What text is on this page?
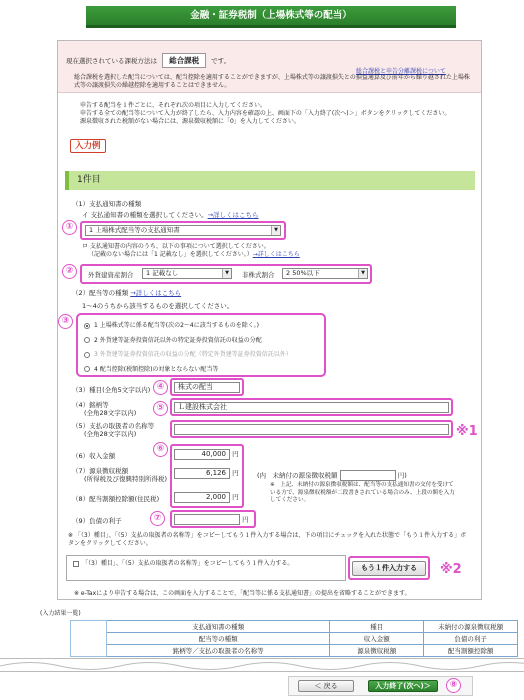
金融・証券税制（上場株式等の配当）
現在選択されている課税方法は 総合課税 です。
総合課税と申告分離課税について
総合課税を選択した配当については、配当控除を適用することができますが、上場株式等の譲渡損失との損益通算及び前年から繰り越された上場株式等の譲渡損失の繰越控除を適用することはできません。
申告する配当を１件ごとに、それぞれ次の項目に入力してください。
申告する全ての配当等について入力が終了したら、入力内容を確認の上、画面下の「入力終了(次へ)＞」ボタンをクリックしてください。
源泉徴収された税額がない場合には、源泉徴収税額に「0」を入力してください。
入力例
1件目
（1）支払通知書の種類
イ 支払通知書の種類を選択してください。→詳しくはこちら
①	1 上場株式配当等の支払通知書	▼
ロ 支払通知書の内容のうち、以下の事項について選択してください。
（記載のない場合には「1 記載なし」を選択してください。）→詳しくはこちら
②	外貨建資産割合 1 記載なし	▼	非株式割合 2 50%以下	▼
（2）配当等の種類 →詳しくはこちら
1～4のうちから該当するものを選択してください。
③	1 上場株式等に係る配当等(次の2～4に該当するものを除く。)
2 外貨建等証券投資信託以外の特定証券投資信託の収益の分配
3 外貨建等証券投資信託の収益の分配（特定外貨建等証券投資信託以外）
4 配当控除(税額控除)の対象とならない配当等
（3）種目(全角5文字以内) ④	株式の配当
（4）銘柄等
(全角28文字以内)	⑤	Ｌ建設株式会社
（5）支払の取扱者の名称等
(全角28文字以内)	※1
⑥
（6）収入金額	40,000 円
（7）源泉徴収税額
(所得税及び復興特別所得税)
6,126 円	(内　未納付の源泉徴収税額	円)
※　上記、未納付の源泉徴収税額は、配当等の支払通知書の交付を受けている方で、源泉徴収税額が二段書きされている場合のみ、上段の額を入力してください。
（8）配当割額控除額(住民税)	2,000 円
（9）負債の利子	⑦	円
※ 「（3）種目」、「（5）支払の取扱者の名称等」をコピーしてもう１件入力する場合は、下の項目にチェックを入れた状態で「もう１件入力する」ボタンをクリックしてください。
「（3）種目」、「（5）支払の取扱者の名称等」をコピーしてもう１件入力する。
もう１件入力する	※2
※ e-Taxにより申告する場合は、この画面を入力することで、「配当等に係る支払通知書」の提出を省略することができます。
(入力結果一覧)
	支払通知書の種類	種目	未納付の源泉徴収税額
	配当等の種類	収入金額	負債の利子
	銘柄等／支払の取扱者の名称等	源泉徴収税額	配当割額控除額
＜ 戻る	入力終了(次へ)＞	⑧
